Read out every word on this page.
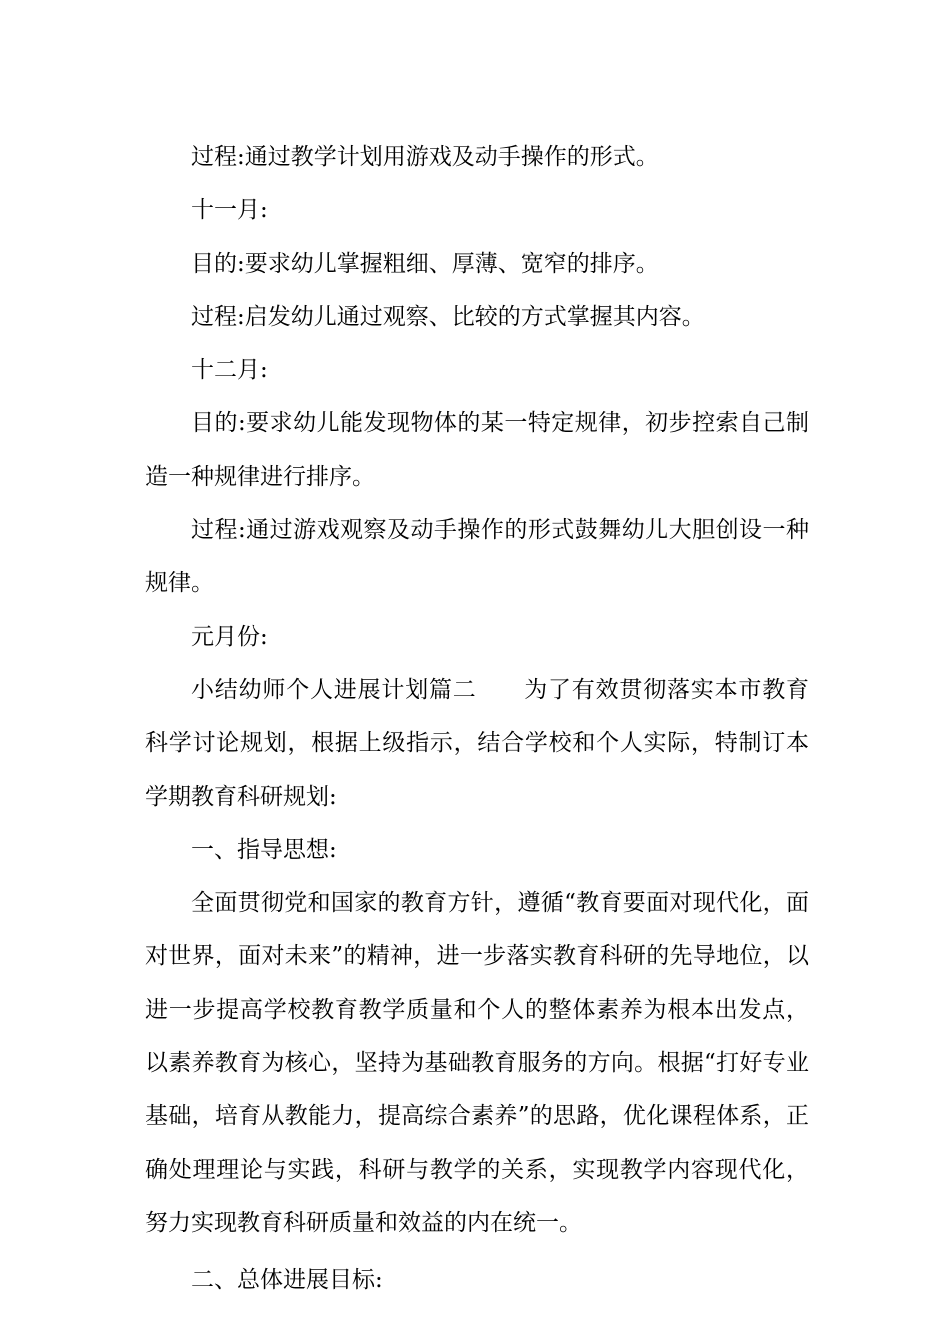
过程:通过教学计划用游戏及动手操作的形式。

十一月:

目的:要求幼儿掌握粗细、厚薄、宽窄的排序。

过程:启发幼儿通过观察、比较的方式掌握其内容。

十二月:

目的:要求幼儿能发现物体的某一特定规律，初步控索自己制造一种规律进行排序。

过程:通过游戏观察及动手操作的形式鼓舞幼儿大胆创设一种规律。

元月份:

小结幼师个人进展计划篇二　　为了有效贯彻落实本市教育科学讨论规划，根据上级指示，结合学校和个人实际，特制订本学期教育科研规划:

一、指导思想:

全面贯彻党和国家的教育方针，遵循“教育要面对现代化，面对世界，面对未来”的精神，进一步落实教育科研的先导地位，以进一步提高学校教育教学质量和个人的整体素养为根本出发点，以素养教育为核心，坚持为基础教育服务的方向。根据“打好专业基础，培育从教能力，提高综合素养”的思路，优化课程体系，正确处理理论与实践，科研与教学的关系，实现教学内容现代化，努力实现教育科研质量和效益的内在统一。

二、总体进展目标:
